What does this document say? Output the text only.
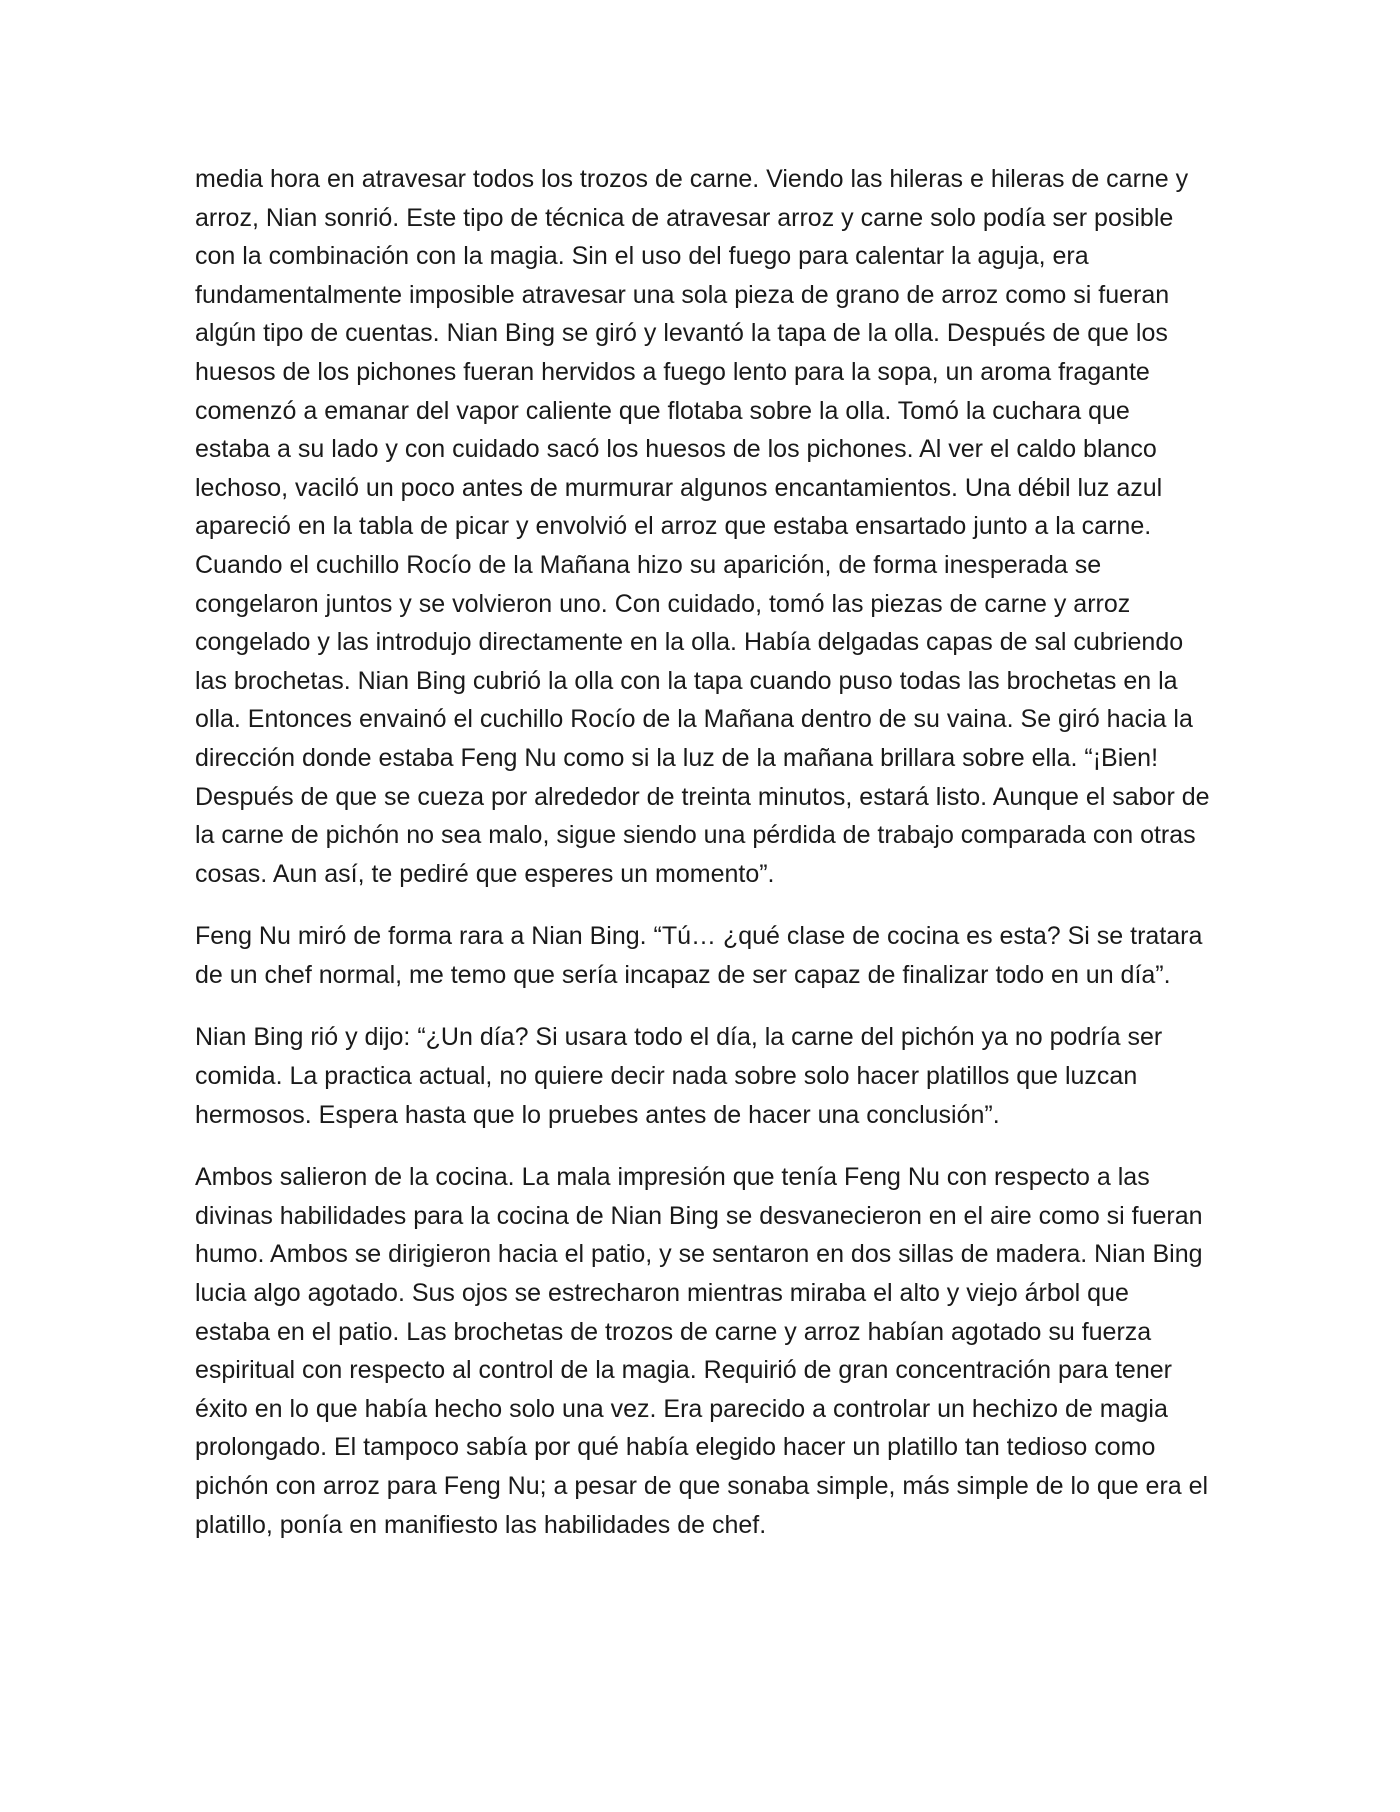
media hora en atravesar todos los trozos de carne. Viendo las hileras e hileras de carne y arroz, Nian sonrió. Este tipo de técnica de atravesar arroz y carne solo podía ser posible con la combinación con la magia. Sin el uso del fuego para calentar la aguja, era fundamentalmente imposible atravesar una sola pieza de grano de arroz como si fueran algún tipo de cuentas. Nian Bing se giró y levantó la tapa de la olla. Después de que los huesos de los pichones fueran hervidos a fuego lento para la sopa, un aroma fragante comenzó a emanar del vapor caliente que flotaba sobre la olla. Tomó la cuchara que estaba a su lado y con cuidado sacó los huesos de los pichones. Al ver el caldo blanco lechoso, vaciló un poco antes de murmurar algunos encantamientos. Una débil luz azul apareció en la tabla de picar y envolvió el arroz que estaba ensartado junto a la carne. Cuando el cuchillo Rocío de la Mañana hizo su aparición, de forma inesperada se congelaron juntos y se volvieron uno. Con cuidado, tomó las piezas de carne y arroz congelado y las introdujo directamente en la olla. Había delgadas capas de sal cubriendo las brochetas. Nian Bing cubrió la olla con la tapa cuando puso todas las brochetas en la olla. Entonces envainó el cuchillo Rocío de la Mañana dentro de su vaina. Se giró hacia la dirección donde estaba Feng Nu como si la luz de la mañana brillara sobre ella. “¡Bien! Después de que se cueza por alrededor de treinta minutos, estará listo. Aunque el sabor de la carne de pichón no sea malo, sigue siendo una pérdida de trabajo comparada con otras cosas. Aun así, te pediré que esperes un momento”.

Feng Nu miró de forma rara a Nian Bing. “Tú… ¿qué clase de cocina es esta? Si se tratara de un chef normal, me temo que sería incapaz de ser capaz de finalizar todo en un día”.

Nian Bing rió y dijo: “¿Un día? Si usara todo el día, la carne del pichón ya no podría ser comida. La practica actual, no quiere decir nada sobre solo hacer platillos que luzcan hermosos. Espera hasta que lo pruebes antes de hacer una conclusión”.

Ambos salieron de la cocina. La mala impresión que tenía Feng Nu con respecto a las divinas habilidades para la cocina de Nian Bing se desvanecieron en el aire como si fueran humo. Ambos se dirigieron hacia el patio, y se sentaron en dos sillas de madera. Nian Bing lucia algo agotado. Sus ojos se estrecharon mientras miraba el alto y viejo árbol que estaba en el patio. Las brochetas de trozos de carne y arroz habían agotado su fuerza espiritual con respecto al control de la magia. Requirió de gran concentración para tener éxito en lo que había hecho solo una vez. Era parecido a controlar un hechizo de magia prolongado. El tampoco sabía por qué había elegido hacer un platillo tan tedioso como pichón con arroz para Feng Nu; a pesar de que sonaba simple, más simple de lo que era el platillo, ponía en manifiesto las habilidades de chef.
